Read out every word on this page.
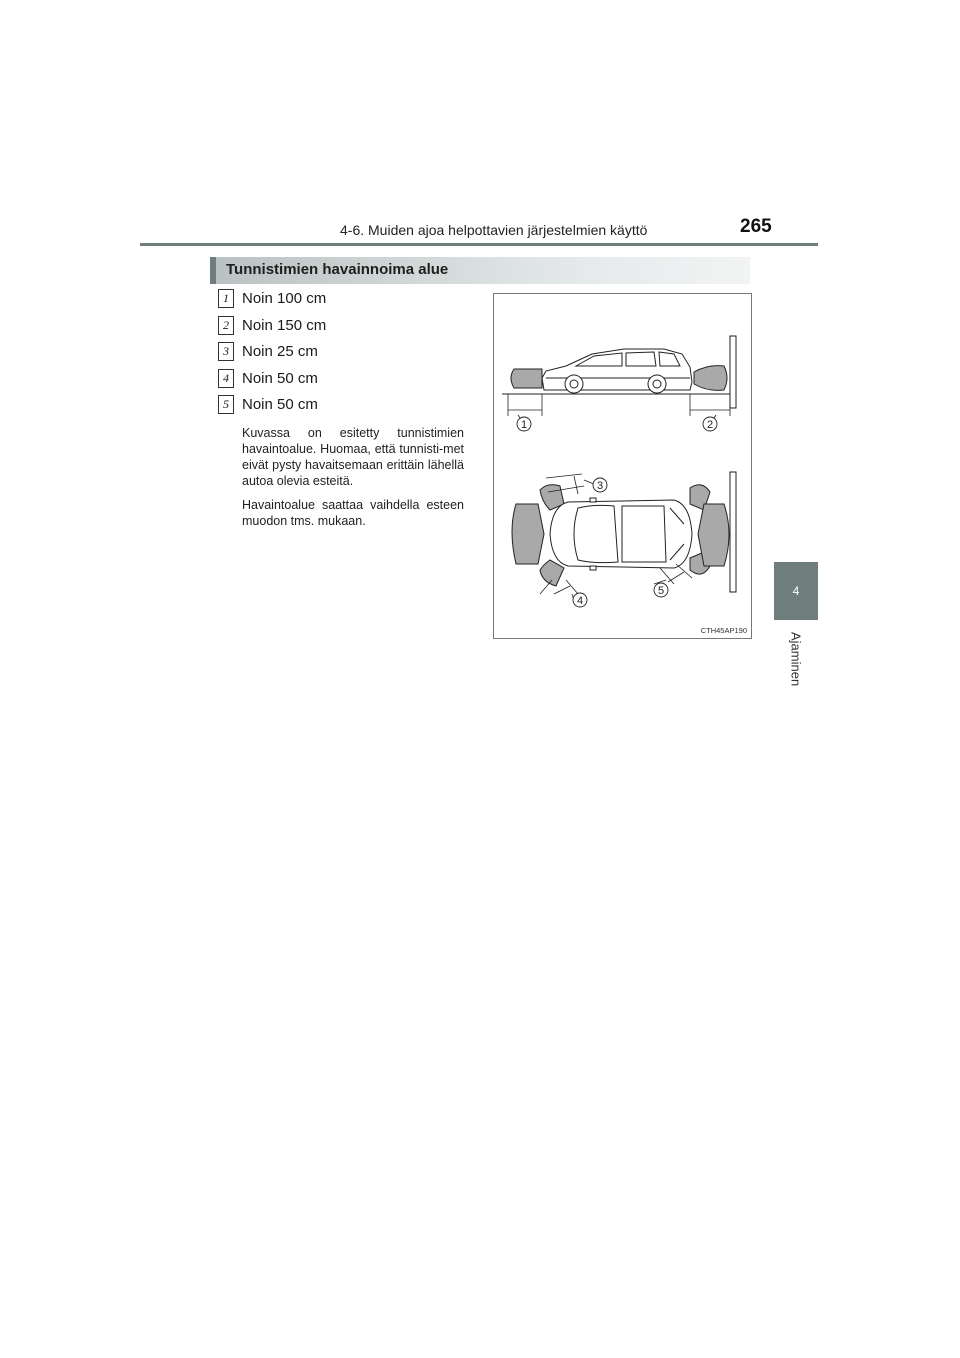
4-6. Muiden ajoa helpottavien järjestelmien käyttö	265
4
Ajaminen
Tunnistimien havainnoima alue
1 Noin 100 cm
2 Noin 150 cm
3 Noin 25 cm
4 Noin 50 cm
5 Noin 50 cm
Kuvassa on esitetty tunnistimien havaintoalue. Huomaa, että tunnisti-met eivät pysty havaitsemaan erittäin lähellä autoa olevia esteitä.
Havaintoalue saattaa vaihdella esteen muodon tms. mukaan.
1	2
3
4
5
CTH45AP190
